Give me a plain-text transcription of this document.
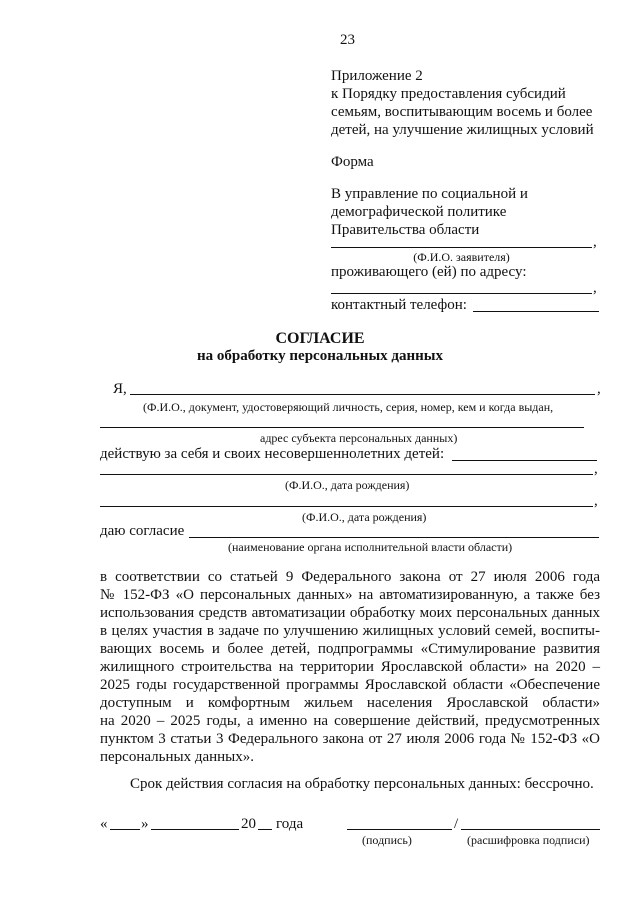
23
Приложение 2
к Порядку предоставления субсидий
семьям, воспитывающим восемь и более
детей, на улучшение жилищных условий
Форма
В управление по социальной и
демографической политике
Правительства области
,
(Ф.И.О. заявителя)
проживающего (ей) по адресу:
,
контактный телефон:
СОГЛАСИЕ
на обработку персональных данных
Я,	,
(Ф.И.О., документ, удостоверяющий личность, серия, номер, кем и когда выдан,
адрес субъекта персональных данных)
действую за себя и своих несовершеннолетних детей:
,
(Ф.И.О., дата рождения)
,
(Ф.И.О., дата рождения)
даю согласие
(наименование органа исполнительной власти области)
в соответствии со статьей 9 Федерального закона от 27 июля 2006 года
№ 152-ФЗ «О персональных данных» на автоматизированную, а также без
использования средств автоматизации обработку моих персональных данных
в целях участия в задаче по улучшению жилищных условий семей, воспиты-
вающих восемь и более детей, подпрограммы «Стимулирование развития
жилищного строительства на территории Ярославской области» на 2020 –
2025 годы государственной программы Ярославской области «Обеспечение
доступным и комфортным жильем населения Ярославской области»
на 2020 – 2025 годы, а именно на совершение действий, предусмотренных
пунктом 3 статьи 3 Федерального закона от 27 июля 2006 года № 152-ФЗ «О
персональных данных».
Срок действия согласия на обработку персональных данных: бессрочно.
« »	20 года	/
(подпись)	(расшифровка подписи)
